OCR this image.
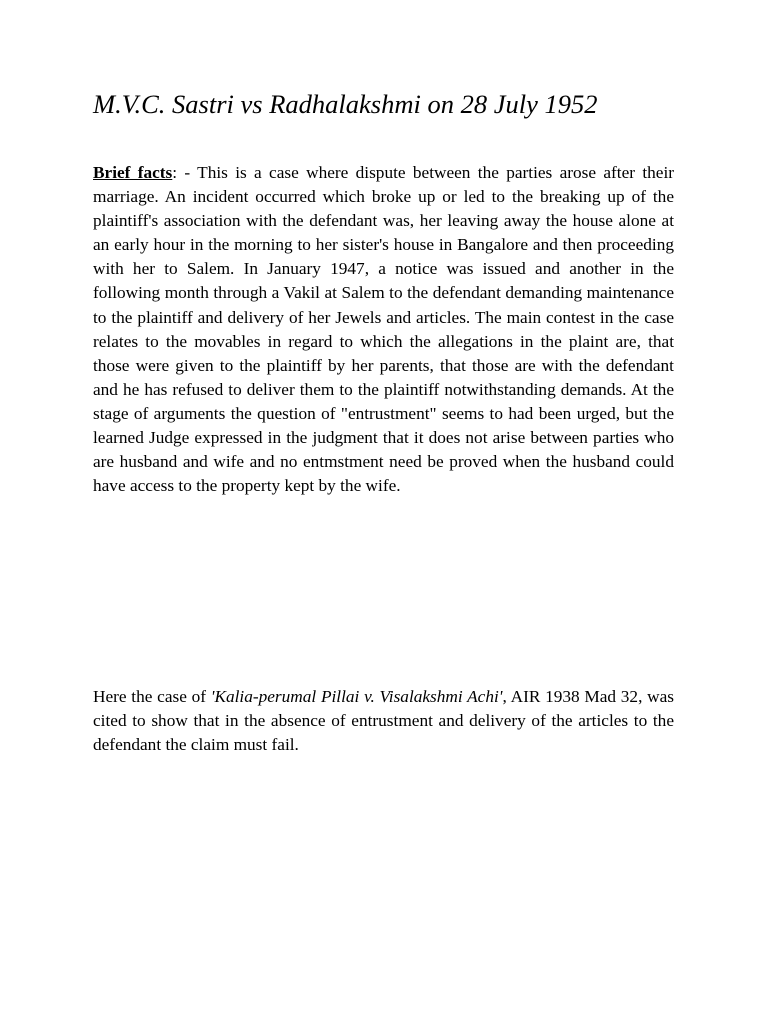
M.V.C. Sastri vs Radhalakshmi on 28 July 1952

Brief facts: - This is a case where dispute between the parties arose after their marriage. An incident occurred which broke up or led to the breaking up of the plaintiff's association with the defendant was, her leaving away the house alone at an early hour in the morning to her sister's house in Bangalore and then proceeding with her to Salem. In January 1947, a notice was issued and another in the following month through a Vakil at Salem to the defendant demanding maintenance to the plaintiff and delivery of her Jewels and articles. The main contest in the case relates to the movables in regard to which the allegations in the plaint are, that those were given to the plaintiff by her parents, that those are with the defendant and he has refused to deliver them to the plaintiff notwithstanding demands. At the stage of arguments the question of "entrustment" seems to had been urged, but the learned Judge expressed in the judgment that it does not arise between parties who are husband and wife and no entmstment need be proved when the husband could have access to the property kept by the wife.

Here the case of 'Kalia-perumal Pillai v. Visalakshmi Achi', AIR 1938 Mad 32, was cited to show that in the absence of entrustment and delivery of the articles to the defendant the claim must fail.
